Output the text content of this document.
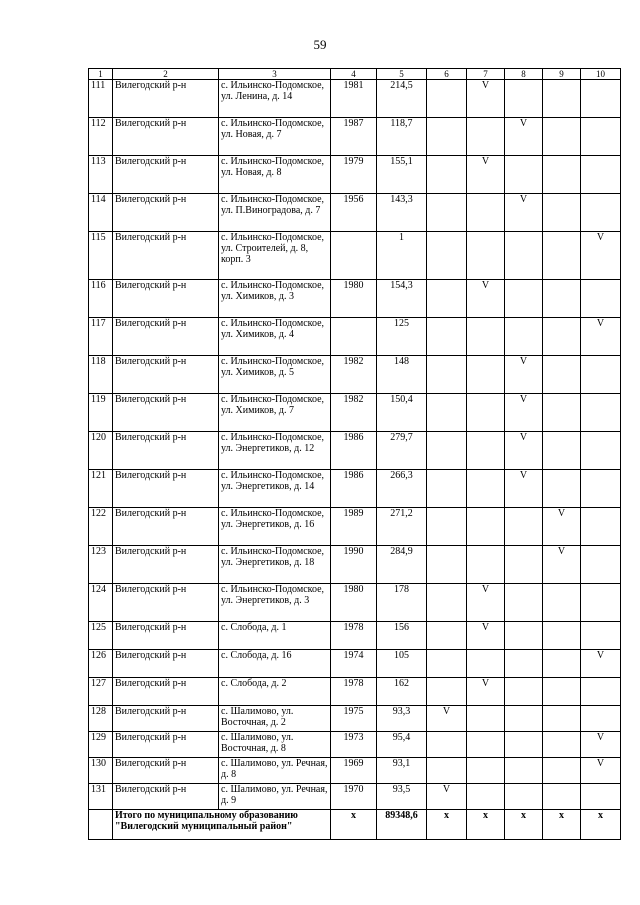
59
1	2	3	4	5	6	7	8	9	10
111	Вилегодский р-н	с. Ильинско-Подомское, ул. Ленина, д. 14	1981	214,5		V			
112	Вилегодский р-н	с. Ильинско-Подомское, ул. Новая, д. 7	1987	118,7			V		
113	Вилегодский р-н	с. Ильинско-Подомское, ул. Новая, д. 8	1979	155,1		V			
114	Вилегодский р-н	с. Ильинско-Подомское, ул. П.Виноградова, д. 7	1956	143,3			V		
115	Вилегодский р-н	с. Ильинско-Подомское, ул. Строителей, д. 8, корп. 3		1					V
116	Вилегодский р-н	с. Ильинско-Подомское, ул. Химиков, д. 3	1980	154,3		V			
117	Вилегодский р-н	с. Ильинско-Подомское, ул. Химиков, д. 4		125					V
118	Вилегодский р-н	с. Ильинско-Подомское, ул. Химиков, д. 5	1982	148			V		
119	Вилегодский р-н	с. Ильинско-Подомское, ул. Химиков, д. 7	1982	150,4			V		
120	Вилегодский р-н	с. Ильинско-Подомское, ул. Энергетиков, д. 12	1986	279,7			V		
121	Вилегодский р-н	с. Ильинско-Подомское, ул. Энергетиков, д. 14	1986	266,3			V		
122	Вилегодский р-н	с. Ильинско-Подомское, ул. Энергетиков, д. 16	1989	271,2				V	
123	Вилегодский р-н	с. Ильинско-Подомское, ул. Энергетиков, д. 18	1990	284,9				V	
124	Вилегодский р-н	с. Ильинско-Подомское, ул. Энергетиков, д. 3	1980	178		V			
125	Вилегодский р-н	с. Слобода, д. 1	1978	156		V			
126	Вилегодский р-н	с. Слобода, д. 16	1974	105					V
127	Вилегодский р-н	с. Слобода, д. 2	1978	162		V			
128	Вилегодский р-н	с. Шалимово, ул. Восточная, д. 2	1975	93,3	V				
129	Вилегодский р-н	с. Шалимово, ул. Восточная, д. 8	1973	95,4					V
130	Вилегодский р-н	с. Шалимово, ул. Речная, д. 8	1969	93,1					V
131	Вилегодский р-н	с. Шалимово, ул. Речная, д. 9	1970	93,5	V				
	Итого по муниципальному образованию "Вилегодский муниципальный район"		x	89348,6	x	x	x	x	x
